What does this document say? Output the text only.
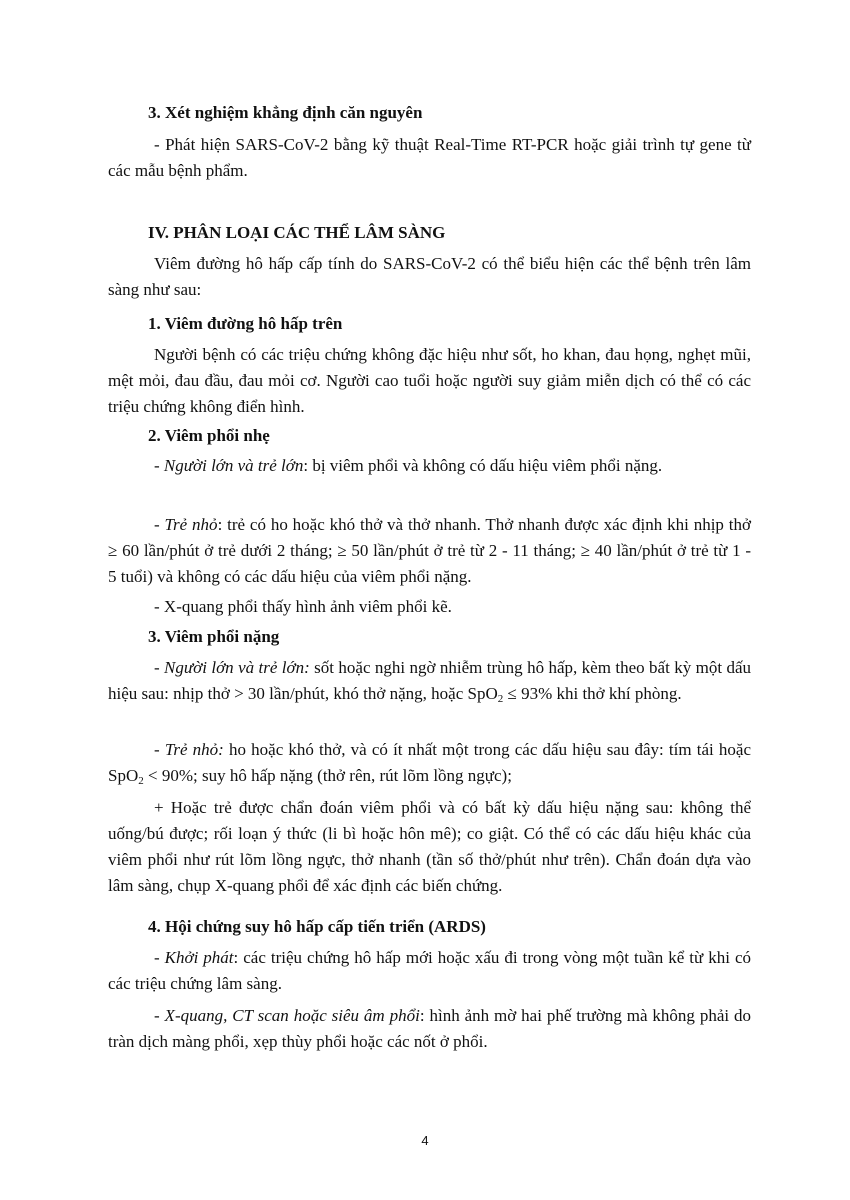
3. Xét nghiệm khẳng định căn nguyên

- Phát hiện SARS-CoV-2 bằng kỹ thuật Real-Time RT-PCR hoặc giải trình tự gene từ các mẫu bệnh phẩm.

IV. PHÂN LOẠI CÁC THỂ LÂM SÀNG

Viêm đường hô hấp cấp tính do SARS-CoV-2 có thể biểu hiện các thể bệnh trên lâm sàng như sau:

1. Viêm đường hô hấp trên

Người bệnh có các triệu chứng không đặc hiệu như sốt, ho khan, đau họng, nghẹt mũi, mệt mỏi, đau đầu, đau mỏi cơ. Người cao tuổi hoặc người suy giảm miễn dịch có thể có các triệu chứng không điển hình.

2. Viêm phổi nhẹ

- Người lớn và trẻ lớn: bị viêm phổi và không có dấu hiệu viêm phổi nặng.

- Trẻ nhỏ: trẻ có ho hoặc khó thở và thở nhanh. Thở nhanh được xác định khi nhịp thở ≥ 60 lần/phút ở trẻ dưới 2 tháng; ≥ 50 lần/phút ở trẻ từ 2 - 11 tháng; ≥ 40 lần/phút ở trẻ từ 1 - 5 tuổi) và không có các dấu hiệu của viêm phổi nặng.

- X-quang phổi thấy hình ảnh viêm phổi kẽ.

3. Viêm phổi nặng

- Người lớn và trẻ lớn: sốt hoặc nghi ngờ nhiễm trùng hô hấp, kèm theo bất kỳ một dấu hiệu sau: nhịp thở > 30 lần/phút, khó thở nặng, hoặc SpO$_2$ ≤ 93% khi thở khí phòng.

- Trẻ nhỏ: ho hoặc khó thở, và có ít nhất một trong các dấu hiệu sau đây: tím tái hoặc SpO$_2$ < 90%; suy hô hấp nặng (thở rên, rút lõm lồng ngực);

+ Hoặc trẻ được chẩn đoán viêm phổi và có bất kỳ dấu hiệu nặng sau: không thể uống/bú được; rối loạn ý thức (li bì hoặc hôn mê); co giật. Có thể có các dấu hiệu khác của viêm phổi như rút lõm lồng ngực, thở nhanh (tần số thở/phút như trên). Chẩn đoán dựa vào lâm sàng, chụp X-quang phổi để xác định các biến chứng.

4. Hội chứng suy hô hấp cấp tiến triển (ARDS)

- Khởi phát: các triệu chứng hô hấp mới hoặc xấu đi trong vòng một tuần kể từ khi có các triệu chứng lâm sàng.

- X-quang, CT scan hoặc siêu âm phổi: hình ảnh mờ hai phế trường mà không phải do tràn dịch màng phổi, xẹp thùy phổi hoặc các nốt ở phổi.

4
